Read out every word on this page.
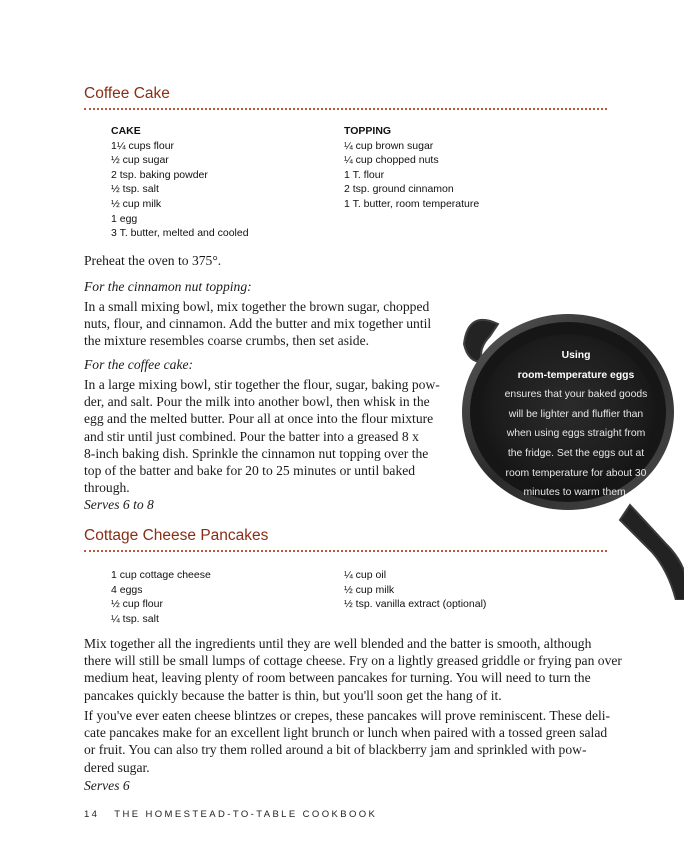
Coffee Cake
CAKE
1¼ cups flour
½ cup sugar
2 tsp. baking powder
½ tsp. salt
½ cup milk
1 egg
3 T. butter, melted and cooled
TOPPING
¼ cup brown sugar
¼ cup chopped nuts
1 T. flour
2 tsp. ground cinnamon
1 T. butter, room temperature

Preheat the oven to 375°.

For the cinnamon nut topping:

In a small mixing bowl, mix together the brown sugar, chopped
nuts, flour, and cinnamon. Add the butter and mix together until
the mixture resembles coarse crumbs, then set aside.

For the coffee cake:

In a large mixing bowl, stir together the flour, sugar, baking pow-
der, and salt. Pour the milk into another bowl, then whisk in the
egg and the melted butter. Pour all at once into the flour mixture
and stir until just combined. Pour the batter into a greased 8 x
8-inch baking dish. Sprinkle the cinnamon nut topping over the
top of the batter and bake for 20 to 25 minutes or until baked
through.

Serves 6 to 8

Using
room-temperature eggs
ensures that your baked goods
will be lighter and fluffier than
when using eggs straight from
the fridge. Set the eggs out at
room temperature for about 30
minutes to warm them.
Cottage Cheese Pancakes
1 cup cottage cheese
4 eggs
½ cup flour
¼ tsp. salt
¼ cup oil
½ cup milk
½ tsp. vanilla extract (optional)
Mix together all the ingredients until they are well blended and the batter is smooth, although
there will still be small lumps of cottage cheese. Fry on a lightly greased griddle or frying pan over
medium heat, leaving plenty of room between pancakes for turning. You will need to turn the
pancakes quickly because the batter is thin, but you'll soon get the hang of it.
If you've ever eaten cheese blintzes or crepes, these pancakes will prove reminiscent. These deli-
cate pancakes make for an excellent light brunch or lunch when paired with a tossed green salad
or fruit. You can also try them rolled around a bit of blackberry jam and sprinkled with pow-
dered sugar.

Serves 6

14 THE HOMESTEAD-TO-TABLE COOKBOOK
